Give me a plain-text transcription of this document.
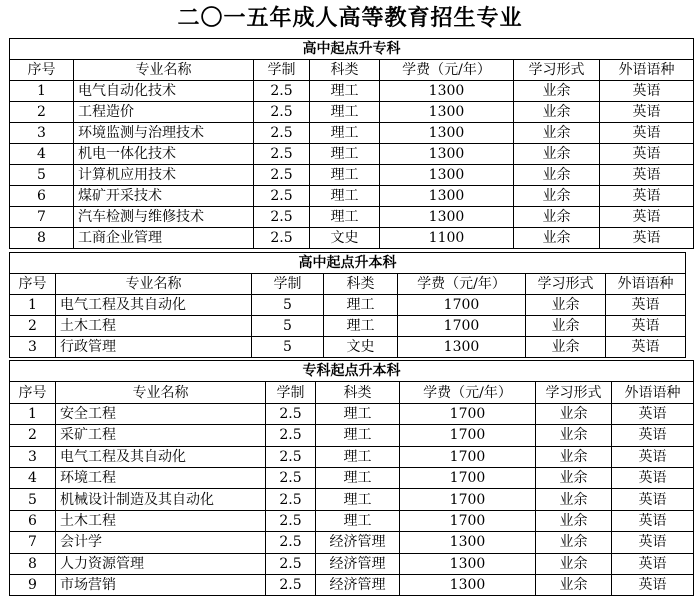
二〇一五年成人高等教育招生专业
高中起点升专科						
序号	专业名称	学制	科类	学费（元/年）	学习形式	外语语种
1	电气自动化技术	2.5	理工	1300	业余	英语
2	工程造价	2.5	理工	1300	业余	英语
3	环境监测与治理技术	2.5	理工	1300	业余	英语
4	机电一体化技术	2.5	理工	1300	业余	英语
5	计算机应用技术	2.5	理工	1300	业余	英语
6	煤矿开采技术	2.5	理工	1300	业余	英语
7	汽车检测与维修技术	2.5	理工	1300	业余	英语
8	工商企业管理	2.5	文史	1100	业余	英语
高中起点升本科						
序号	专业名称	学制	科类	学费（元/年）	学习形式	外语语种
1	电气工程及其自动化	5	理工	1700	业余	英语
2	土木工程	5	理工	1700	业余	英语
3	行政管理	5	文史	1300	业余	英语
专科起点升本科						
序号	专业名称	学制	科类	学费（元/年）	学习形式	外语语种
1	安全工程	2.5	理工	1700	业余	英语
2	采矿工程	2.5	理工	1700	业余	英语
3	电气工程及其自动化	2.5	理工	1700	业余	英语
4	环境工程	2.5	理工	1700	业余	英语
5	机械设计制造及其自动化	2.5	理工	1700	业余	英语
6	土木工程	2.5	理工	1700	业余	英语
7	会计学	2.5	经济管理	1300	业余	英语
8	人力资源管理	2.5	经济管理	1300	业余	英语
9	市场营销	2.5	经济管理	1300	业余	英语
